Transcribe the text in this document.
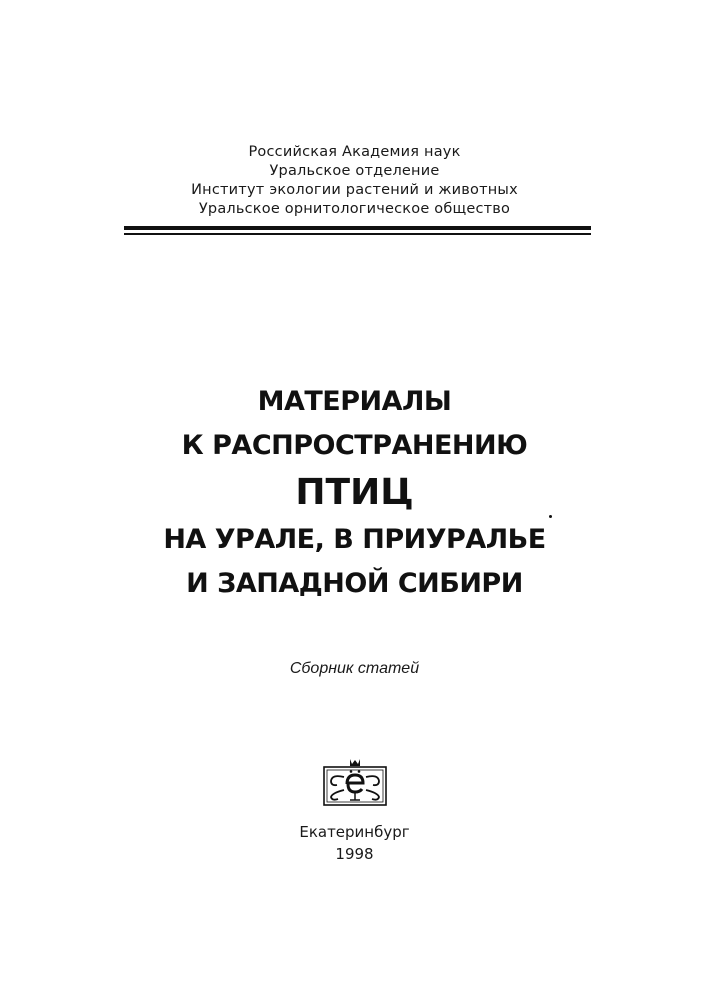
Российская Академия наук
Уральское отделение
Институт экологии растений и животных
Уральское орнитологическое общество
МАТЕРИАЛЫ
К РАСПРОСТРАНЕНИЮ
ПТИЦ
НА УРАЛЕ, В ПРИУРАЛЬЕ
И ЗАПАДНОЙ СИБИРИ
Сборник статей
Екатеринбург
1998
